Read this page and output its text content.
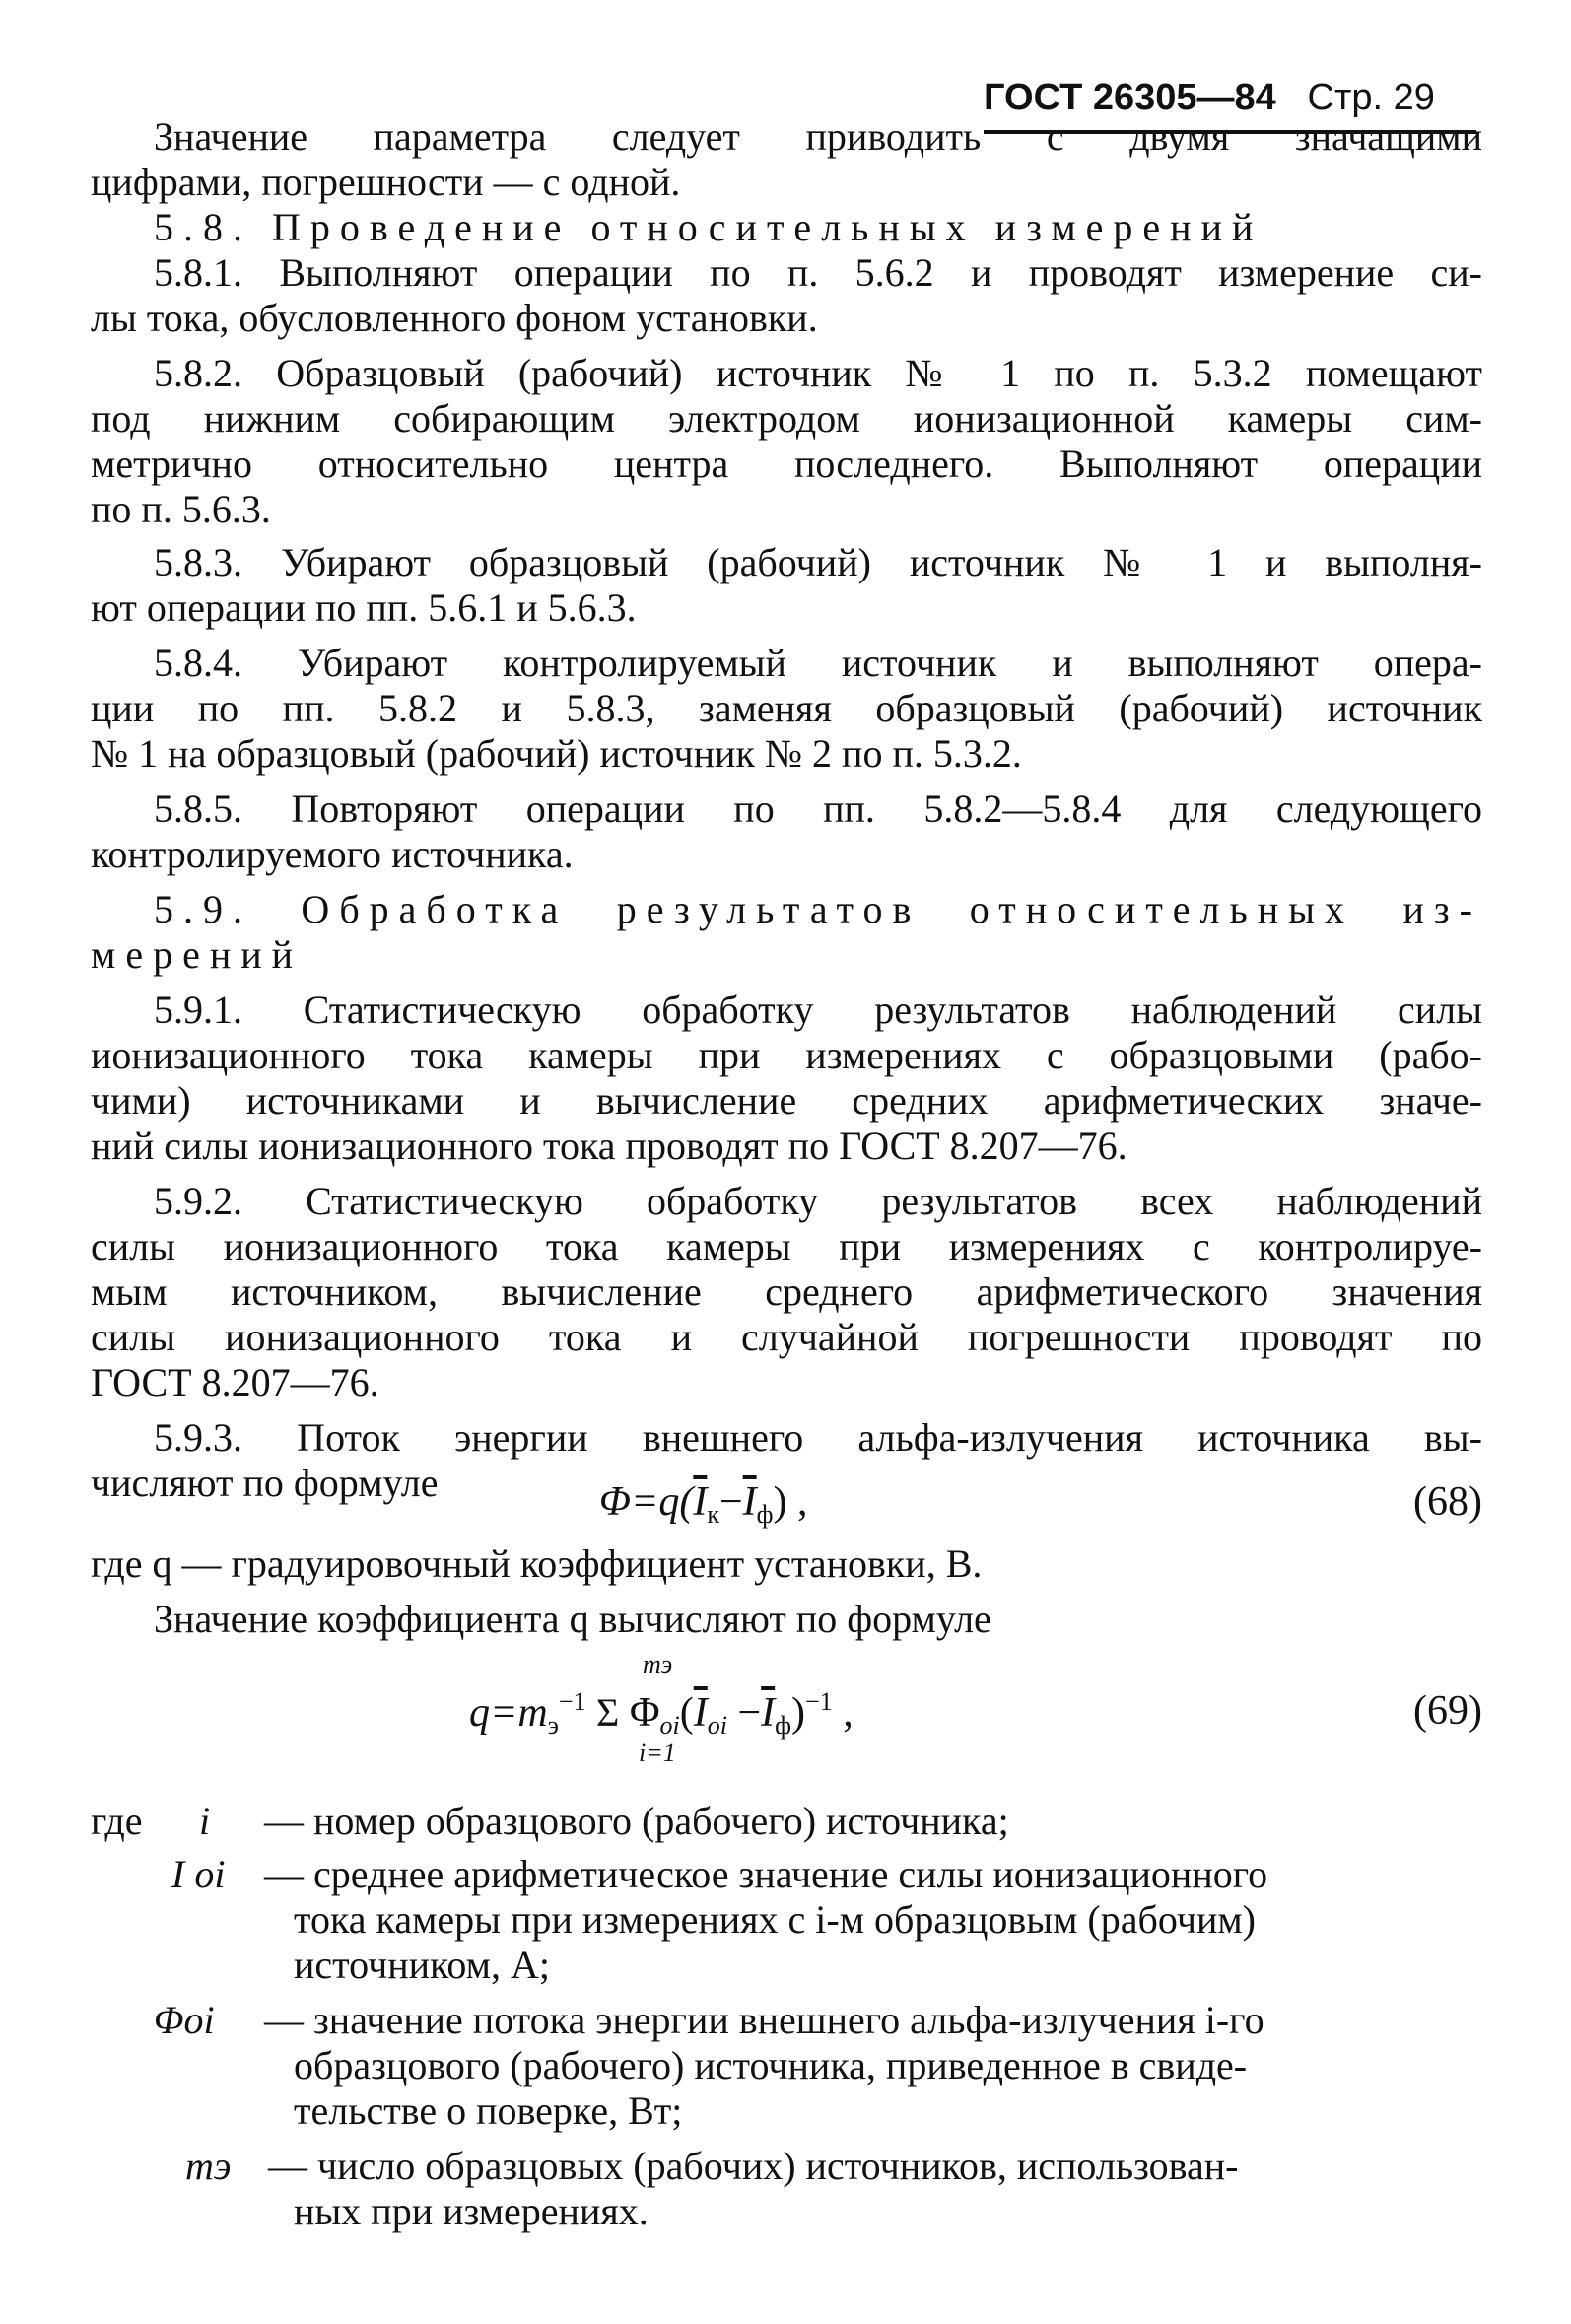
ГОСТ 26305—84 Стр. 29
Значение параметра следует приводить с двумя значащими
цифрами, погрешности — с одной.
5.8. Проведение относительных измерений
5.8.1. Выполняют операции по п. 5.6.2 и проводят измерение си-
лы тока, обусловленного фоном установки.
5.8.2. Образцовый (рабочий) источник № 1 по п. 5.3.2 помещают
под нижним собирающим электродом ионизационной камеры сим-
метрично относительно центра последнего. Выполняют операции
по п. 5.6.3.
5.8.3. Убирают образцовый (рабочий) источник № 1 и выполня-
ют операции по пп. 5.6.1 и 5.6.3.
5.8.4. Убирают контролируемый источник и выполняют опера-
ции по пп. 5.8.2 и 5.8.3, заменяя образцовый (рабочий) источник
№ 1 на образцовый (рабочий) источник № 2 по п. 5.3.2.
5.8.5. Повторяют операции по пп. 5.8.2—5.8.4 для следующего
контролируемого источника.
5.9. Обработка результатов относительных из-
мерений
5.9.1. Статистическую обработку результатов наблюдений силы
ионизационного тока камеры при измерениях с образцовыми (рабо-
чими) источниками и вычисление средних арифметических значе-
ний силы ионизационного тока проводят по ГОСТ 8.207—76.
5.9.2. Статистическую обработку результатов всех наблюдений
силы ионизационного тока камеры при измерениях с контролируе-
мым источником, вычисление среднего арифметического значения
силы ионизационного тока и случайной погрешности проводят по
ГОСТ 8.207—76.
5.9.3. Поток энергии внешнего альфа-излучения источника вы-
числяют по формуле	$\Phi=q(\overline{I}_к-\overline{I}_ф)$ ,	(68)
где q — градуировочный коэффициент установки, В.
Значение коэффициента q вычисляют по формуле
$q=m_э^{-1}$ Σ $\Phi_{oi}(\overline{I}_{oi} -\overline{I}_ф)^{-1}$ ,
mэ
i=1
(69)
где i — номер образцового (рабочего) источника;
I oi — среднее арифметическое значение силы ионизационного
тока камеры при измерениях с i-м образцовым (рабочим)
источником, А;
Φoi — значение потока энергии внешнего альфа-излучения i-го
образцового (рабочего) источника, приведенное в свиде-
тельстве о поверке, Вт;
mэ — число образцовых (рабочих) источников, использован-
ных при измерениях.
